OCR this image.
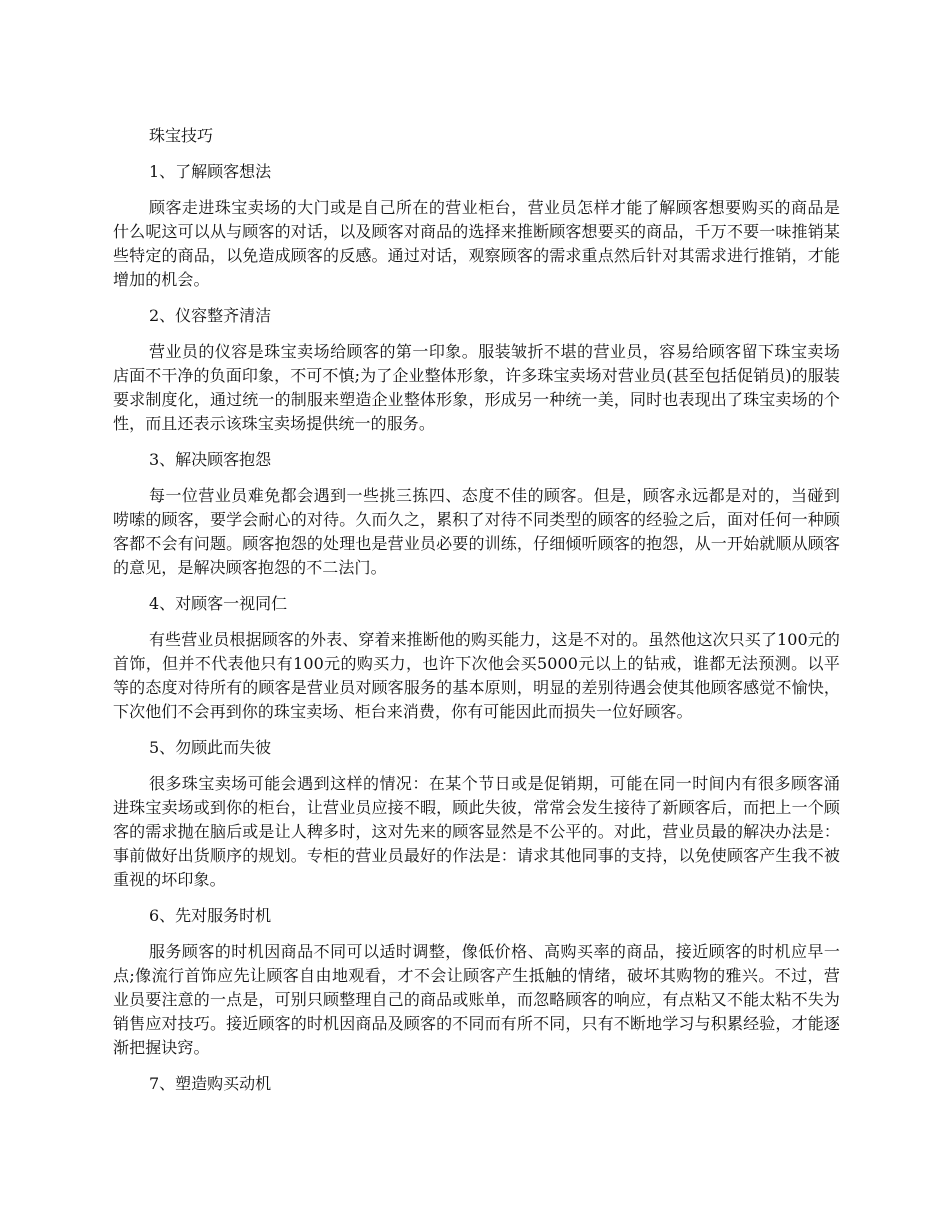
珠宝技巧
1、了解顾客想法
顾客走进珠宝卖场的大门或是自己所在的营业柜台，营业员怎样才能了解顾客想要购买的商品是什么呢这可以从与顾客的对话，以及顾客对商品的选择来推断顾客想要买的商品，千万不要一味推销某些特定的商品，以免造成顾客的反感。通过对话，观察顾客的需求重点然后针对其需求进行推销，才能增加的机会。
2、仪容整齐清洁
营业员的仪容是珠宝卖场给顾客的第一印象。服装皱折不堪的营业员，容易给顾客留下珠宝卖场店面不干净的负面印象，不可不慎;为了企业整体形象，许多珠宝卖场对营业员(甚至包括促销员)的服装要求制度化，通过统一的制服来塑造企业整体形象，形成另一种统一美，同时也表现出了珠宝卖场的个性，而且还表示该珠宝卖场提供统一的服务。
3、解决顾客抱怨
每一位营业员难免都会遇到一些挑三拣四、态度不佳的顾客。但是，顾客永远都是对的，当碰到唠嗦的顾客，要学会耐心的对待。久而久之，累积了对待不同类型的顾客的经验之后，面对任何一种顾客都不会有问题。顾客抱怨的处理也是营业员必要的训练，仔细倾听顾客的抱怨，从一开始就顺从顾客的意见，是解决顾客抱怨的不二法门。
4、对顾客一视同仁
有些营业员根据顾客的外表、穿着来推断他的购买能力，这是不对的。虽然他这次只买了100元的首饰，但并不代表他只有100元的购买力，也许下次他会买5000元以上的钻戒，谁都无法预测。以平等的态度对待所有的顾客是营业员对顾客服务的基本原则，明显的差别待遇会使其他顾客感觉不愉快，下次他们不会再到你的珠宝卖场、柜台来消费，你有可能因此而损失一位好顾客。
5、勿顾此而失彼
很多珠宝卖场可能会遇到这样的情况：在某个节日或是促销期，可能在同一时间内有很多顾客涌进珠宝卖场或到你的柜台，让营业员应接不暇，顾此失彼，常常会发生接待了新顾客后，而把上一个顾客的需求抛在脑后或是让人稗多时，这对先来的顾客显然是不公平的。对此，营业员最的解决办法是：事前做好出货顺序的规划。专柜的营业员最好的作法是：请求其他同事的支持，以免使顾客产生我不被重视的坏印象。
6、先对服务时机
服务顾客的时机因商品不同可以适时调整，像低价格、高购买率的商品，接近顾客的时机应早一点;像流行首饰应先让顾客自由地观看，才不会让顾客产生抵触的情绪，破坏其购物的雅兴。不过，营业员要注意的一点是，可别只顾整理自己的商品或账单，而忽略顾客的响应，有点粘又不能太粘不失为销售应对技巧。接近顾客的时机因商品及顾客的不同而有所不同，只有不断地学习与积累经验，才能逐渐把握诀窍。
7、塑造购买动机
